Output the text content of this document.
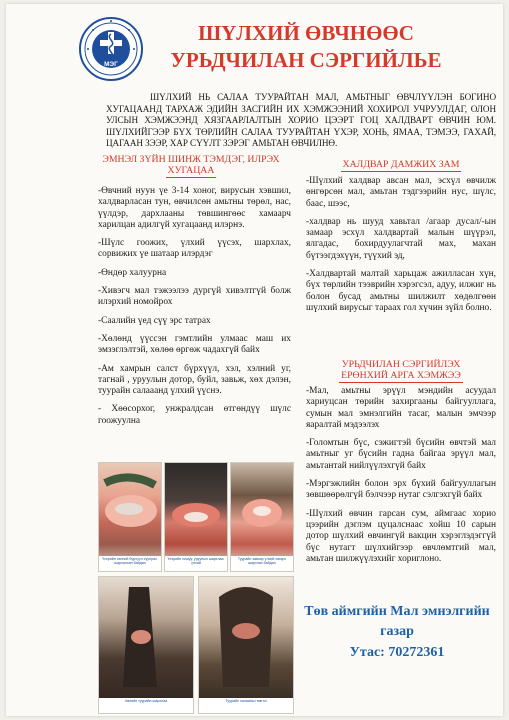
МЭГ
ШҮЛХИЙ ӨВЧНӨӨС
УРЬДЧИЛАН СЭРГИЙЛЬЕ
ШҮЛХИЙ НЬ САЛАА ТУУРАЙТАН МАЛ, АМЬТНЫГ ӨВЧЛҮҮЛЭН БОГИНО ХУГАЦААНД ТАРХАЖ ЭДИЙН ЗАСГИЙН ИХ ХЭМЖЭЭНИЙ ХОХИРОЛ УЧРУУЛДАГ, ОЛОН УЛСЫН ХЭМЖЭЭНД ХЯЗГААРЛАЛТЫН ХОРИО ЦЭЭРТ ГОЦ ХАЛДВАРТ ӨВЧИН ЮМ. ШҮЛХИЙГЭЭР БҮХ ТӨРЛИЙН САЛАА ТУУРАЙТАН ҮХЭР, ХОНЬ, ЯМАА, ТЭМЭЭ, ГАХАЙ, ЦАГААН ЗЭЭР, ХАР СҮҮЛТ ЗЭРЭГ АМЬТАН ӨВЧИЛНӨ.
ЭМНЭЛ ЗҮЙН ШИНЖ ТЭМДЭГ, ИЛРЭХ
ХУГАЦАА

-Өвчний нуун үе 3-14 хоног, вирусын хэвшил, халдварласан тун, өвчилсөн амьтны төрөл, нас, үүлдэр, дархлааны төвшингөөс хамаарч харилцан адилгүй хугацаанд илэрнэ.

-Шүлс гоожих, үлхий үүсэх, шархлах, сорвижих үе шатаар илэрдэг

-Өндөр халуурна

-Хивэгч мал тэжээлээ дургүй хивэлтгүй болж илэрхий номойрох

-Саалийн үед сүү эрс татрах

-Хөлөнд үүссэн гэмтлийн улмаас маш их эмзэглэлтэй, хөлөө өргөж чадахгүй байх

-Ам хамрын салст бүрхүүл, хэл, хэлний уг, тагнай , уруулын дотор, буйл, завьж, хөх дэлэн, туурайн салааанд үлхий үүснэ.

- Хөөсорхог, унжралдсан өтгөндүү шүлс гоожуулна

ХАЛДВАР ДАМЖИХ ЗАМ

-Шүлхий халдвар авсан мал, эсхүл өвчилж өнгөрсөн мал, амьтан тэдгээрийн нус, шүлс, баас, шээс,

-халдвар нь шууд хавьтал /агаар дусал/-ын замаар эсхүл халдвартай малын шүүрэл, ялгадас, бохирдуулагчтай мах, махан бүтээгдэхүүн, түүхий эд,

-Халдвартай малтай харьцаж ажилласан хүн, бүх төрлийн тээврийн хэрэгсэл, адуу, илжиг нь болон бусад амьтны шилжилт хөдөлгөөн шүлхий вирусыг тараах гол хүчин зүйл болно.

УРЬДЧИЛАН СЭРГИЙЛЭХ
ЕРӨНХИЙ АРГА ХЭМЖЭЭ

-Мал, амьтны эрүүл мэндийн асуудал хариуцсан төрийн захиргааны байгууллага, сумын мал эмнэлгийн тасаг, малын эмчээр яаралтай мэдээлэх

-Голомтын бүс, сэжигтэй бүсийн өвчтэй мал амьтныг уг бүсийн гадна байгаа эрүүл мал, амьтантай нийлүүлэхгүй байх

-Мэргэжлийн болон эрх бүхий байгууллагын зөвшөөрөлгүй бэлчээр нутаг сэлгэхгүй байх

-Шүлхий өвчин гарсан сум, аймгаас хорио цээрийн дэглэм цуцалснаас хойш 10 сарын дотор шүлхий өвчингүй вакцин хэрэглэдэггүй бүс нутагт шүлхийгээр өвчлөмтгий мал, амьтан шилжүүлэхийг хориглоно.

Төв аймгийн Мал эмнэлгийн
газар
Утас: 70272361
Үхэрийн хэлний бүрхүүл хуулрах, шархалсан байдал
Үхэрийн хошуу, уруулын шархлаа, үлхий
Туурайн завсар үлхий хагарч шархлах байдал
Хөлийн туурайн шархлаа	Туурайн салааны гэмтэл
